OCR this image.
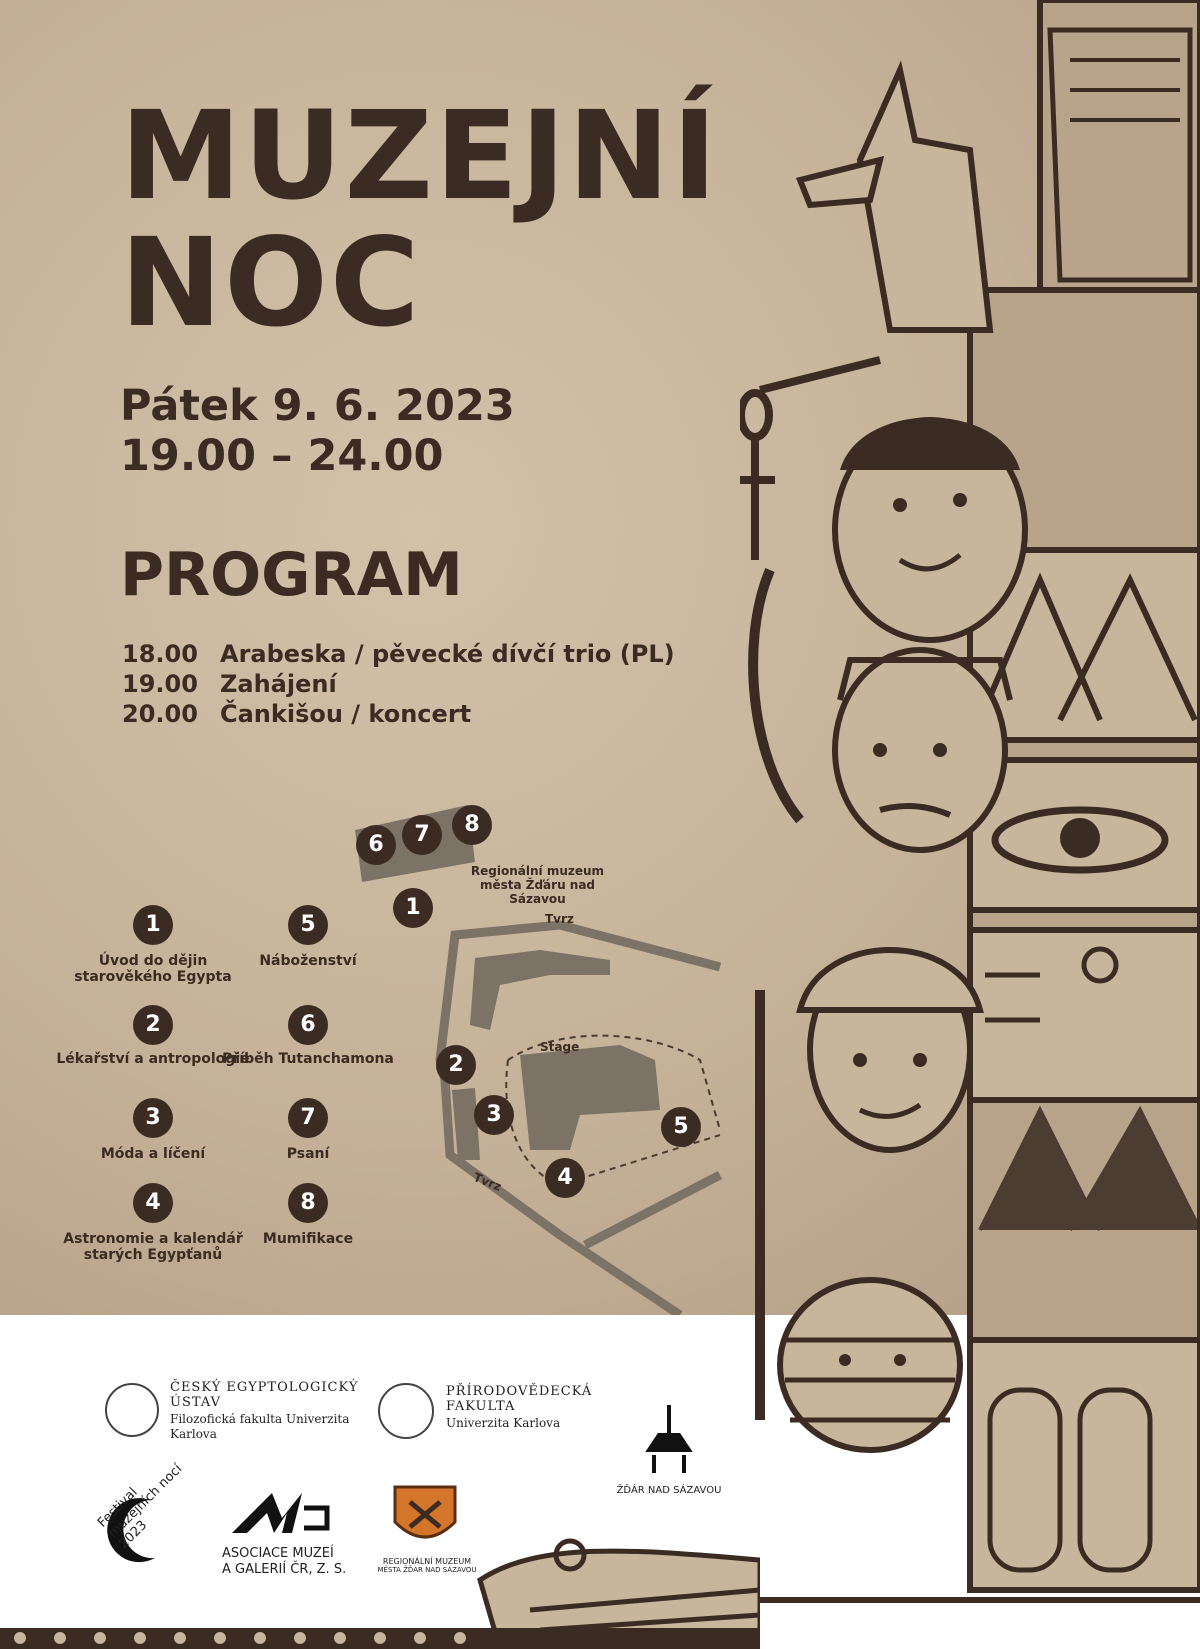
MUZEJNÍ
NOC
Pátek 9. 6. 2023
19.00 – 24.00
PROGRAM
18.00 Arabeska / pěvecké dívčí trio (PL)
19.00 Zahájení
20.00 Čankišou / koncert
1
Úvod do dějin starověkého Egypta
2
Lékařství a antropologie
3
Móda a líčení
4
Astronomie a kalendář starých Egypťanů
5
Náboženství
6
Příběh Tutanchamona
7
Psaní
8
Mumifikace
6	7	8
Regionální muzeum města Žďáru nad Sázavou
1	Tvrz
Stage
Tvrz
2
3
4
5
ČESKÝ EGYPTOLOGICKÝ ÚSTAV
Filozofická fakulta Univerzita Karlova
PŘÍRODOVĚDECKÁ FAKULTA
Univerzita Karlova
ŽĎÁR NAD SÁZAVOU
Festival muzejních nocí 2023
ASOCIACE MUZEÍ
A GALERIÍ ČR, Z. S.
REGIONÁLNÍ MUZEUM
MĚSTA ŽĎÁR NAD SÁZAVOU
